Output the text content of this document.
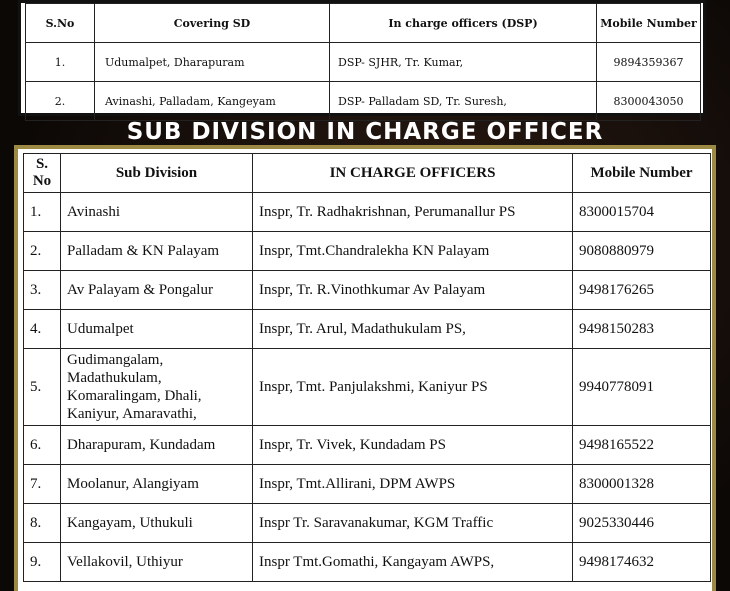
S.No	Covering SD	In charge officers (DSP)	Mobile Number
1.	Udumalpet, Dharapuram	DSP- SJHR, Tr. Kumar,	9894359367
2.	Avinashi, Palladam, Kangeyam	DSP- Palladam SD, Tr. Suresh,	8300043050
SUB DIVISION IN CHARGE OFFICER
S. No	Sub Division	IN CHARGE OFFICERS	Mobile Number
1.	Avinashi	Inspr, Tr. Radhakrishnan, Perumanallur PS	8300015704
2.	Palladam & KN Palayam	Inspr, Tmt.Chandralekha KN Palayam	9080880979
3.	Av Palayam & Pongalur	Inspr, Tr. R.Vinothkumar Av Palayam	9498176265
4.	Udumalpet	Inspr, Tr. Arul, Madathukulam PS,	9498150283
5.	Gudimangalam, Madathukulam, Komaralingam, Dhali, Kaniyur, Amaravathi,	Inspr, Tmt. Panjulakshmi, Kaniyur PS	9940778091
6.	Dharapuram, Kundadam	Inspr, Tr. Vivek, Kundadam PS	9498165522
7.	Moolanur, Alangiyam	Inspr, Tmt.Allirani, DPM AWPS	8300001328
8.	Kangayam, Uthukuli	Inspr Tr. Saravanakumar, KGM Traffic	9025330446
9.	Vellakovil, Uthiyur	Inspr Tmt.Gomathi, Kangayam AWPS,	9498174632
